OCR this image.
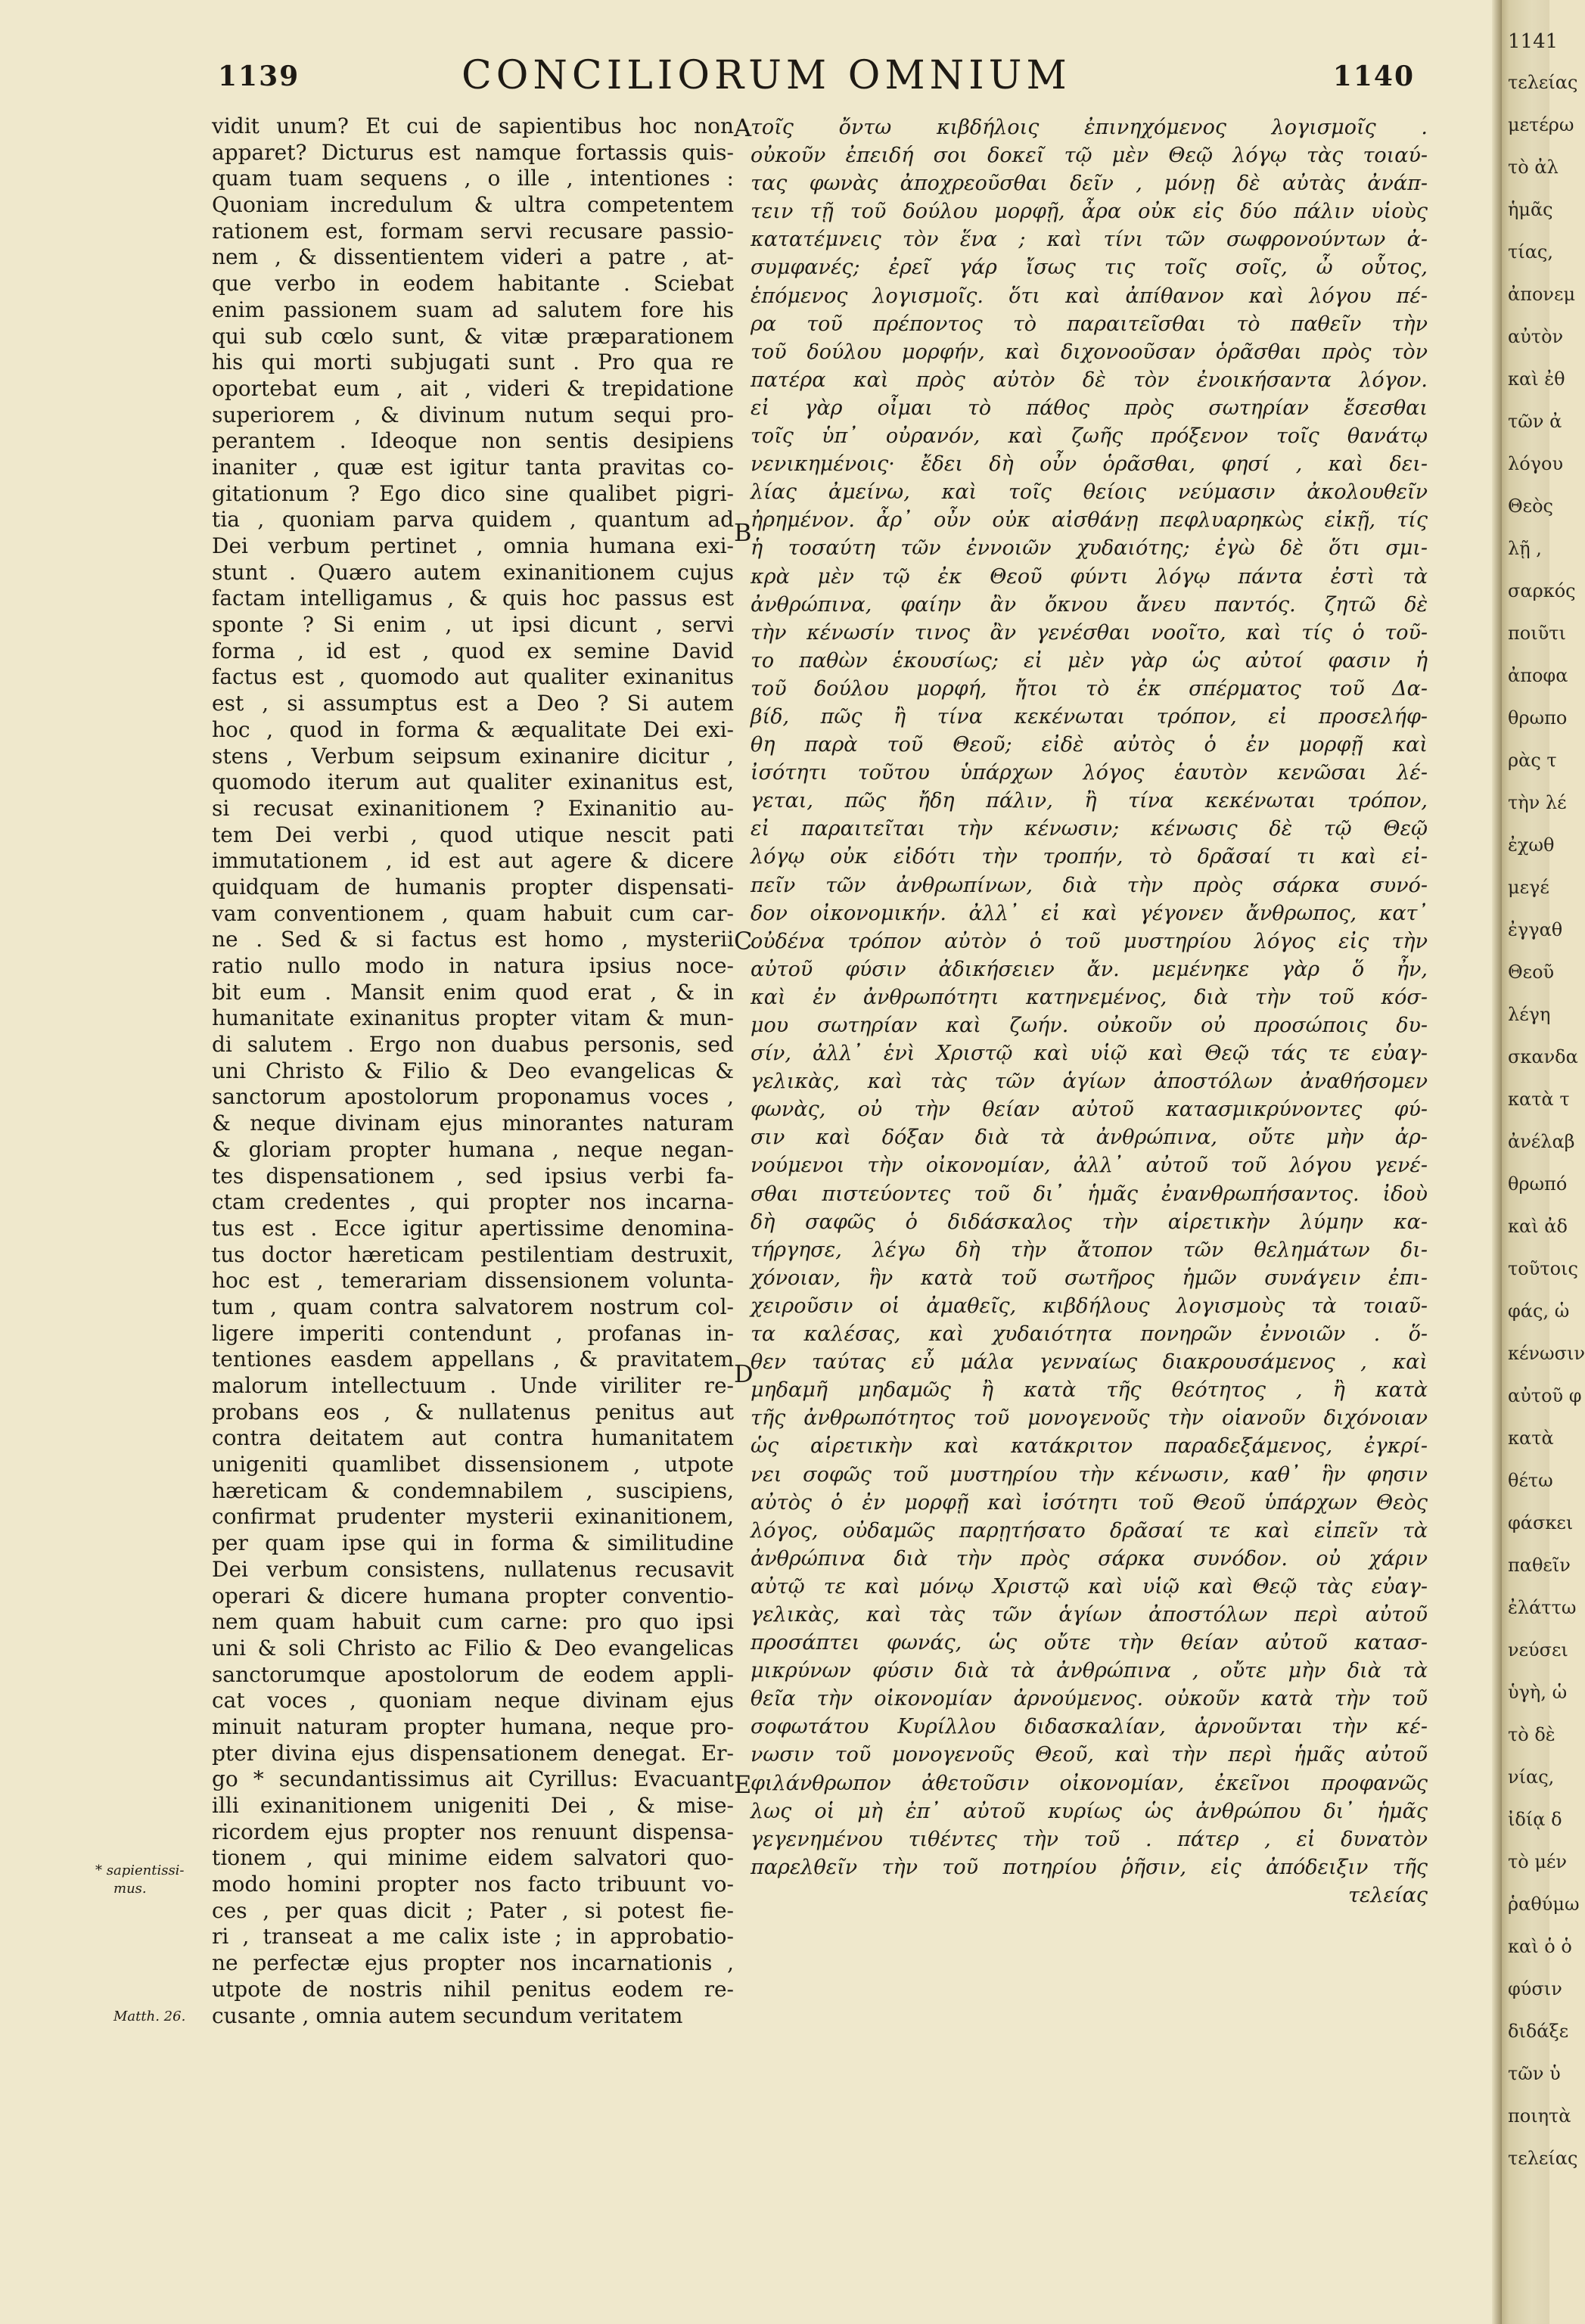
1139	CONCILIORUM OMNIUM	1140
vidit unum? Et cui de sapientibus hoc non
apparet? Dicturus est namque fortassis quis-
quam tuam sequens , o ille , intentiones :
Quoniam incredulum & ultra competentem
rationem est, formam servi recusare passio-
nem , & dissentientem videri a patre , at-
que verbo in eodem habitante . Sciebat
enim passionem suam ad salutem fore his
qui sub cœlo sunt, & vitæ præparationem
his qui morti subjugati sunt . Pro qua re
oportebat eum , ait , videri & trepidatione
superiorem , & divinum nutum sequi pro-
perantem . Ideoque non sentis desipiens
inaniter , quæ est igitur tanta pravitas co-
gitationum ? Ego dico sine qualibet pigri-
tia , quoniam parva quidem , quantum ad
Dei verbum pertinet , omnia humana exi-
stunt . Quæro autem exinanitionem cujus
factam intelligamus , & quis hoc passus est
sponte ? Si enim , ut ipsi dicunt , servi
forma , id est , quod ex semine David
factus est , quomodo aut qualiter exinanitus
est , si assumptus est a Deo ? Si autem
hoc , quod in forma & æqualitate Dei exi-
stens , Verbum seipsum exinanire dicitur ,
quomodo iterum aut qualiter exinanitus est,
si recusat exinanitionem ? Exinanitio au-
tem Dei verbi , quod utique nescit pati
immutationem , id est aut agere & dicere
quidquam de humanis propter dispensati-
vam conventionem , quam habuit cum car-
ne . Sed & si factus est homo , mysterii
ratio nullo modo in natura ipsius noce-
bit eum . Mansit enim quod erat , & in
humanitate exinanitus propter vitam & mun-
di salutem . Ergo non duabus personis, sed
uni Christo & Filio & Deo evangelicas &
sanctorum apostolorum proponamus voces ,
& neque divinam ejus minorantes naturam
& gloriam propter humana , neque negan-
tes dispensationem , sed ipsius verbi fa-
ctam credentes , qui propter nos incarna-
tus est . Ecce igitur apertissime denomina-
tus doctor hæreticam pestilentiam destruxit,
hoc est , temerariam dissensionem volunta-
tum , quam contra salvatorem nostrum col-
ligere imperiti contendunt , profanas in-
tentiones easdem appellans , & pravitatem
malorum intellectuum . Unde viriliter re-
probans eos , & nullatenus penitus aut
contra deitatem aut contra humanitatem
unigeniti quamlibet dissensionem , utpote
hæreticam & condemnabilem , suscipiens,
confirmat prudenter mysterii exinanitionem,
per quam ipse qui in forma & similitudine
Dei verbum consistens, nullatenus recusavit
operari & dicere humana propter conventio-
nem quam habuit cum carne: pro quo ipsi
uni & soli Christo ac Filio & Deo evangelicas
sanctorumque apostolorum de eodem appli-
cat voces , quoniam neque divinam ejus
minuit naturam propter humana, neque pro-
pter divina ejus dispensationem denegat. Er-
go * secundantissimus ait Cyrillus: Evacuant
illi exinanitionem unigeniti Dei , & mise-
ricordem ejus propter nos renuunt dispensa-
tionem , qui minime eidem salvatori quo-
modo homini propter nos facto tribuunt vo-
ces , per quas dicit ; Pater , si potest fie-
ri , transeat a me calix iste ; in approbatio-
ne perfectæ ejus propter nos incarnationis ,
utpote de nostris nihil penitus eodem re-
cusante , omnia autem secundum veritatem
τοῖς ὄντω κιβδήλοις ἐπινηχόμενος λογισμοῖς .
οὐκοῦν ἐπειδή σοι δοκεῖ τῷ μὲν Θεῷ λόγῳ τὰς τοιαύ-
τας φωνὰς ἀποχρεοῦσθαι δεῖν , μόνῃ δὲ αὐτὰς ἀνάπ-
τειν τῇ τοῦ δούλου μορφῇ, ἆρα οὐκ εἰς δύο πάλιν υἱοὺς
κατατέμνεις τὸν ἕνα ; καὶ τίνι τῶν σωφρονούντων ἀ-
συμφανές; ἐρεῖ γάρ ἴσως τις τοῖς σοῖς, ὦ οὗτος,
ἑπόμενος λογισμοῖς. ὅτι καὶ ἀπίθανον καὶ λόγου πέ-
ρα τοῦ πρέποντος τὸ παραιτεῖσθαι τὸ παθεῖν τὴν
τοῦ δούλου μορφήν, καὶ διχονοοῦσαν ὁρᾶσθαι πρὸς τὸν
πατέρα καὶ πρὸς αὐτὸν δὲ τὸν ἐνοικήσαντα λόγον.
εἰ γὰρ οἶμαι τὸ πάθος πρὸς σωτηρίαν ἔσεσθαι
τοῖς ὑπ᾽ οὐρανόν, καὶ ζωῆς πρόξενον τοῖς θανάτῳ
νενικημένοις· ἔδει δὴ οὖν ὁρᾶσθαι, φησί , καὶ δει-
λίας ἀμείνω, καὶ τοῖς θείοις νεύμασιν ἀκολουθεῖν
ἠρημένον. ἆρ᾽ οὖν οὐκ αἰσθάνῃ πεφλυαρηκὼς εἰκῇ, τίς
ἡ τοσαύτη τῶν ἐννοιῶν χυδαιότης; ἐγὼ δὲ ὅτι σμι-
κρὰ μὲν τῷ ἐκ Θεοῦ φύντι λόγῳ πάντα ἐστὶ τὰ
ἀνθρώπινα, φαίην ἂν ὄκνου ἄνευ παντός. ζητῶ δὲ
τὴν κένωσίν τινος ἂν γενέσθαι νοοῖτο, καὶ τίς ὁ τοῦ-
το παθὼν ἑκουσίως; εἰ μὲν γὰρ ὡς αὐτοί φασιν ἡ
τοῦ δούλου μορφή, ἤτοι τὸ ἐκ σπέρματος τοῦ Δα-
βίδ, πῶς ἢ τίνα κεκένωται τρόπον, εἰ προσελήφ-
θη παρὰ τοῦ Θεοῦ; εἰδὲ αὐτὸς ὁ ἐν μορφῇ καὶ
ἰσότητι τοῦτου ὑπάρχων λόγος ἑαυτὸν κενῶσαι λέ-
γεται, πῶς ἤδη πάλιν, ἢ τίνα κεκένωται τρόπον,
εἰ παραιτεῖται τὴν κένωσιν; κένωσις δὲ τῷ Θεῷ
λόγῳ οὐκ εἰδότι τὴν τροπήν, τὸ δρᾶσαί τι καὶ εἰ-
πεῖν τῶν ἀνθρωπίνων, διὰ τὴν πρὸς σάρκα συνό-
δον οἰκονομικήν. ἀλλ᾽ εἰ καὶ γέγονεν ἄνθρωπος, κατ᾽
οὐδένα τρόπον αὐτὸν ὁ τοῦ μυστηρίου λόγος εἰς τὴν
αὐτοῦ φύσιν ἀδικήσειεν ἄν. μεμένηκε γὰρ ὅ ἦν,
καὶ ἐν ἀνθρωπότητι κατηνεμένος, διὰ τὴν τοῦ κόσ-
μου σωτηρίαν καὶ ζωήν. οὐκοῦν οὐ προσώποις δυ-
σίν, ἀλλ᾽ ἑνὶ Χριστῷ καὶ υἱῷ καὶ Θεῷ τάς τε εὐαγ-
γελικὰς, καὶ τὰς τῶν ἁγίων ἀποστόλων ἀναθήσομεν
φωνὰς, οὐ τὴν θείαν αὐτοῦ κατασμικρύνοντες φύ-
σιν καὶ δόξαν διὰ τὰ ἀνθρώπινα, οὔτε μὴν ἀρ-
νούμενοι τὴν οἰκονομίαν, ἀλλ᾽ αὐτοῦ τοῦ λόγου γενέ-
σθαι πιστεύοντες τοῦ δι᾽ ἡμᾶς ἐνανθρωπήσαντος. ἰδοὺ
δὴ σαφῶς ὁ διδάσκαλος τὴν αἱρετικὴν λύμην κα-
τήργησε, λέγω δὴ τὴν ἄτοπον τῶν θελημάτων δι-
χόνοιαν, ἣν κατὰ τοῦ σωτῆρος ἡμῶν συνάγειν ἐπι-
χειροῦσιν οἱ ἀμαθεῖς, κιβδήλους λογισμοὺς τὰ τοιαῦ-
τα καλέσας, καὶ χυδαιότητα πονηρῶν ἐννοιῶν . ὅ-
θεν ταύτας εὖ μάλα γενναίως διακρουσάμενος , καὶ
μηδαμῆ μηδαμῶς ἢ κατὰ τῆς θεότητος , ἢ κατὰ
τῆς ἀνθρωπότητος τοῦ μονογενοῦς τὴν οἱανοῦν διχόνοιαν
ὡς αἱρετικὴν καὶ κατάκριτον παραδεξάμενος, ἐγκρί-
νει σοφῶς τοῦ μυστηρίου τὴν κένωσιν, καθ᾽ ἣν φησιν
αὐτὸς ὁ ἐν μορφῇ καὶ ἰσότητι τοῦ Θεοῦ ὑπάρχων Θεὸς
λόγος, οὐδαμῶς παρῃτήσατο δρᾶσαί τε καὶ εἰπεῖν τὰ
ἀνθρώπινα διὰ τὴν πρὸς σάρκα συνόδον. οὐ χάριν
αὐτῷ τε καὶ μόνῳ Χριστῷ καὶ υἱῷ καὶ Θεῷ τὰς εὐαγ-
γελικὰς, καὶ τὰς τῶν ἁγίων ἀποστόλων περὶ αὐτοῦ
προσάπτει φωνάς, ὡς οὔτε τὴν θείαν αὐτοῦ κατασ-
μικρύνων φύσιν διὰ τὰ ἀνθρώπινα , οὔτε μὴν διὰ τὰ
θεῖα τὴν οἰκονομίαν ἀρνούμενος. οὐκοῦν κατὰ τὴν τοῦ
σοφωτάτου Κυρίλλου διδασκαλίαν, ἀρνοῦνται τὴν κέ-
νωσιν τοῦ μονογενοῦς Θεοῦ, καὶ τὴν περὶ ἡμᾶς αὐτοῦ
φιλάνθρωπον ἀθετοῦσιν οἰκονομίαν, ἐκεῖνοι προφανῶς
λως οἱ μὴ ἐπ᾽ αὐτοῦ κυρίως ὡς ἀνθρώπου δι᾽ ἡμᾶς
γεγενημένου τιθέντες τὴν τοῦ . πάτερ , εἰ δυνατὸν
παρελθεῖν τὴν τοῦ ποτηρίου ῥῆσιν, εἰς ἀπόδειξιν τῆς
τελείας
A
B
C
D
E
* sapientissi-
mus.
Matth. 26.
1141
τελείας
μετέρω
τὸ ἀλ
ἡμᾶς
τίας,
ἀπονεμ
αὐτὸν
καὶ ἐθ
τῶν ἀ
λόγου
Θεὸς
λῇ ,
σαρκός
ποιῦτι
ἀποφα
θρωπο
ρὰς τ
τὴν λέ
ἐχωθ
μεγέ
ἐγγαθ
Θεοῦ
λέγη
σκανδα
κατὰ τ
ἀνέλαβ
θρωπό
καὶ ἀδ
τοῦτοις
φάς, ὡ
κένωσιν
αὐτοῦ φ
κατὰ
θέτω
φάσκει
παθεῖν
ἐλάττω
νεύσει
ὑγὴ, ὡ
τὸ δὲ
νίας,
ἰδίᾳ δ
τὸ μέν
ῥαθύμω
καὶ ὁ ὁ
φύσιν
διδάξε
τῶν ὑ
ποιητὰ
τελείας
